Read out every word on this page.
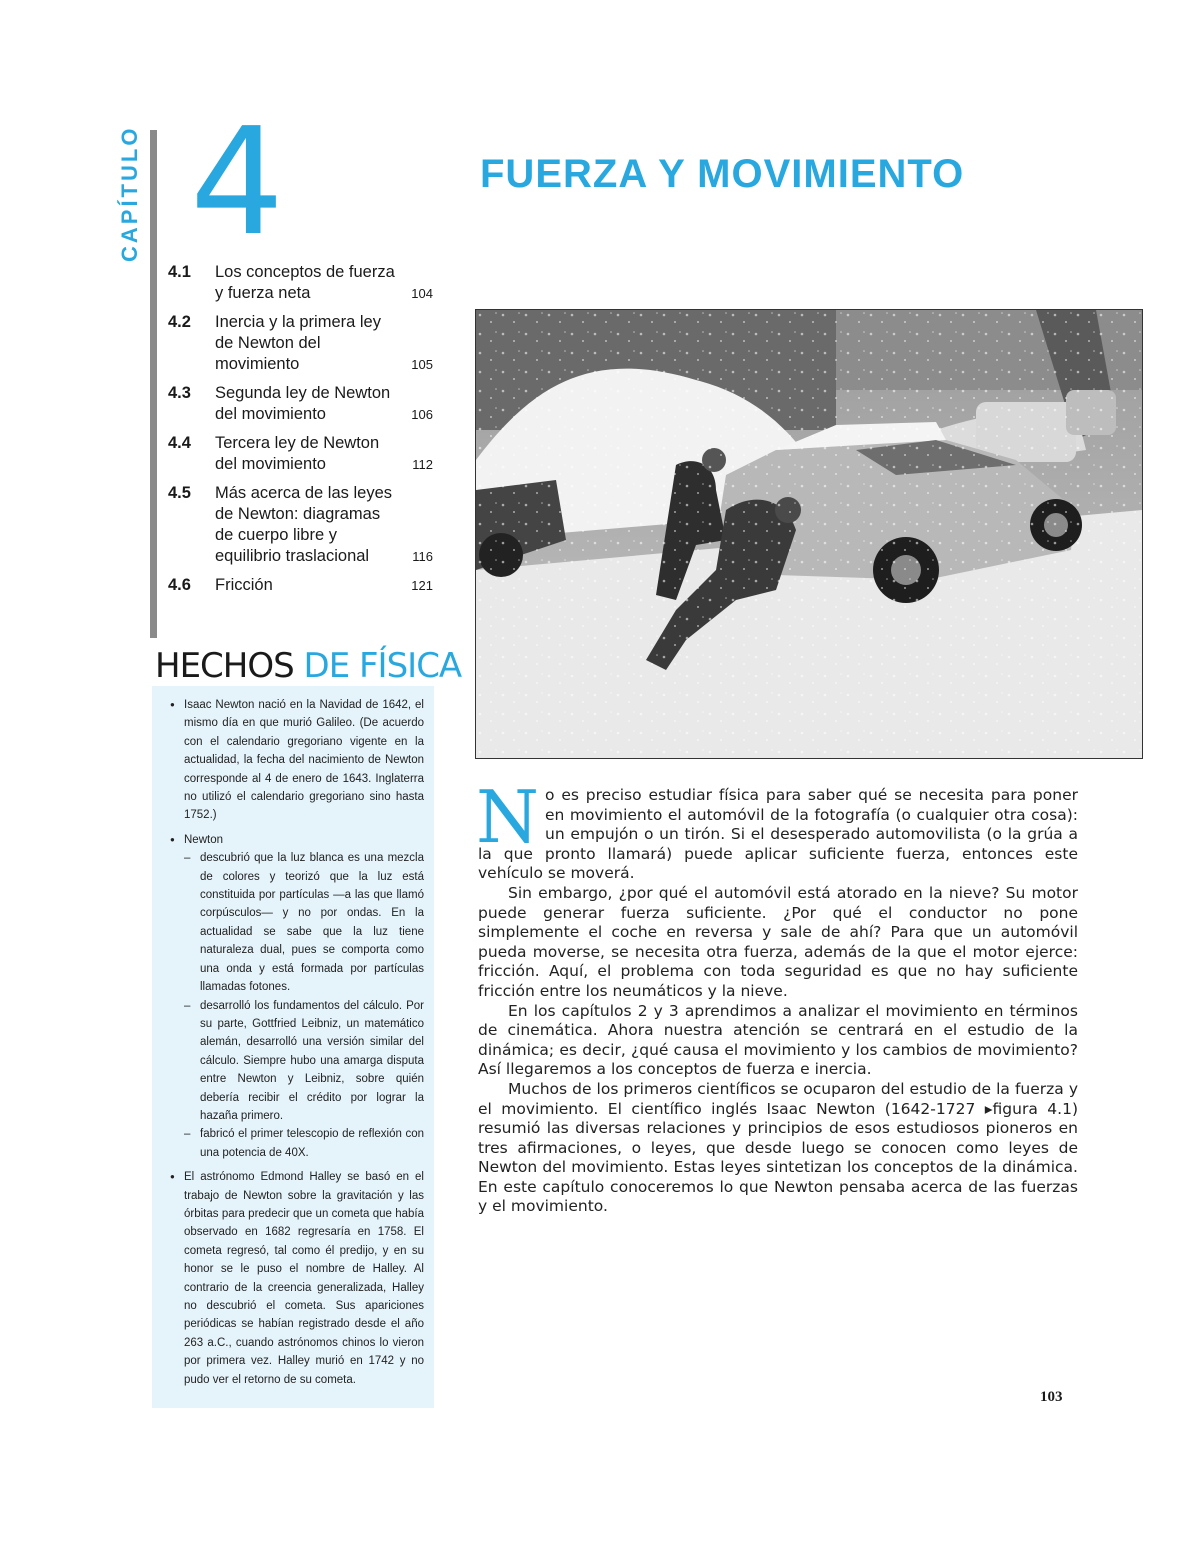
CAPÍTULO 4	FUERZA Y MOVIMIENTO
4.1 Los conceptos de fuerza y fuerza neta	104
4.2 Inercia y la primera ley de Newton del movimiento	105
4.3 Segunda ley de Newton del movimiento	106
4.4 Tercera ley de Newton del movimiento	112
4.5 Más acerca de las leyes de Newton: diagramas de cuerpo libre y equilibrio traslacional	116
4.6 Fricción	121
HECHOS DE FÍSICA
● Isaac Newton nació en la Navidad de 1642, el mismo día en que murió Galileo. (De acuerdo con el calendario gregoriano vigente en la actualidad, la fecha del nacimiento de Newton corresponde al 4 de enero de 1643. Inglaterra no utilizó el calendario gregoriano sino hasta 1752.)
● Newton
– descubrió que la luz blanca es una mezcla de colores y teorizó que la luz está constituida por partículas —a las que llamó corpúsculos— y no por ondas. En la actualidad se sabe que la luz tiene naturaleza dual, pues se comporta como una onda y está formada por partículas llamadas fotones.
– desarrolló los fundamentos del cálculo. Por su parte, Gottfried Leibniz, un matemático alemán, desarrolló una versión similar del cálculo. Siempre hubo una amarga disputa entre Newton y Leibniz, sobre quién debería recibir el crédito por lograr la hazaña primero.
– fabricó el primer telescopio de reflexión con una potencia de 40X.
● El astrónomo Edmond Halley se basó en el trabajo de Newton sobre la gravitación y las órbitas para predecir que un cometa que había observado en 1682 regresaría en 1758. El cometa regresó, tal como él predijo, y en su honor se le puso el nombre de Halley. Al contrario de la creencia generalizada, Halley no descubrió el cometa. Sus apariciones periódicas se habían registrado desde el año 263 a.C., cuando astrónomos chinos lo vieron por primera vez. Halley murió en 1742 y no pudo ver el retorno de su cometa.

No es preciso estudiar física para saber qué se necesita para poner en movimiento el automóvil de la fotografía (o cualquier otra cosa): un empujón o un tirón. Si el desesperado automovilista (o la grúa a la que pronto llamará) puede aplicar suficiente fuerza, entonces este vehículo se moverá.

Sin embargo, ¿por qué el automóvil está atorado en la nieve? Su motor puede generar fuerza suficiente. ¿Por qué el conductor no pone simplemente el coche en reversa y sale de ahí? Para que un automóvil pueda moverse, se necesita otra fuerza, además de la que el motor ejerce: fricción. Aquí, el problema con toda seguridad es que no hay suficiente fricción entre los neumáticos y la nieve.

En los capítulos 2 y 3 aprendimos a analizar el movimiento en términos de cinemática. Ahora nuestra atención se centrará en el estudio de la dinámica; es decir, ¿qué causa el movimiento y los cambios de movimiento? Así llegaremos a los conceptos de fuerza e inercia.

Muchos de los primeros científicos se ocuparon del estudio de la fuerza y el movimiento. El científico inglés Isaac Newton (1642-1727 ▸figura 4.1) resumió las diversas relaciones y principios de esos estudiosos pioneros en tres afirmaciones, o leyes, que desde luego se conocen como leyes de Newton del movimiento. Estas leyes sintetizan los conceptos de la dinámica. En este capítulo conoceremos lo que Newton pensaba acerca de las fuerzas y el movimiento.

103
